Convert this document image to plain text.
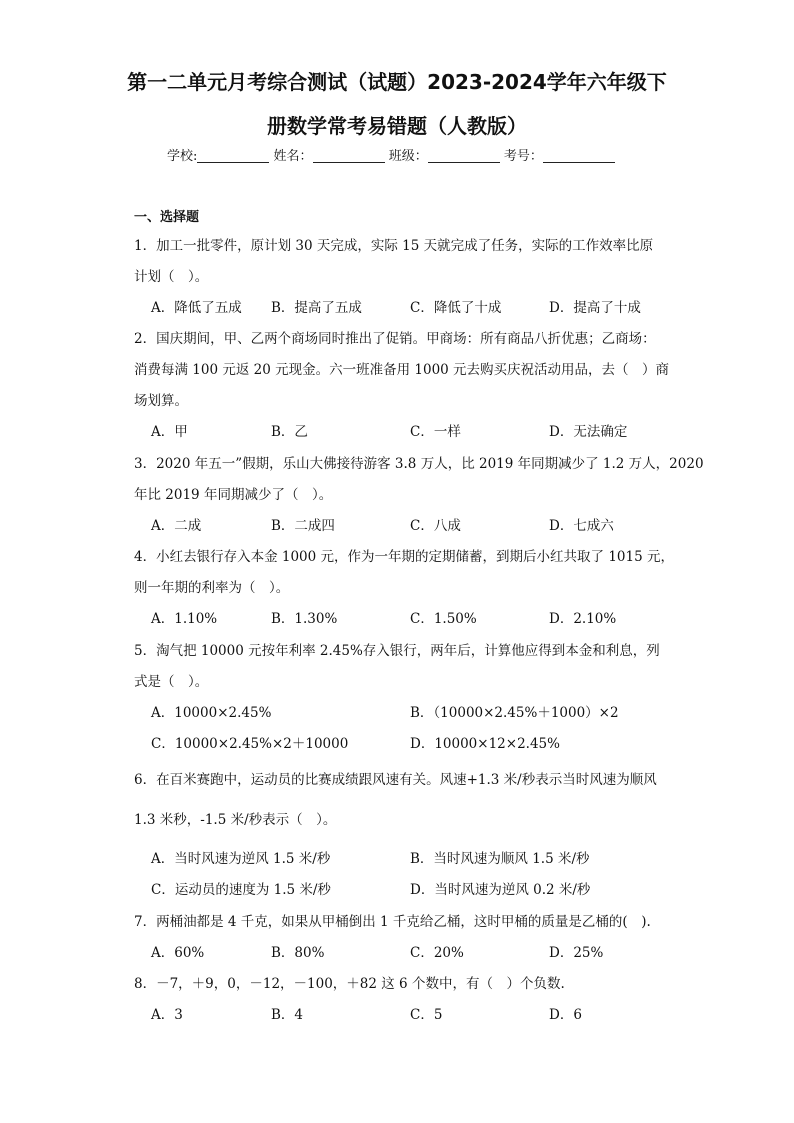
第一二单元月考综合测试（试题）2023-2024学年六年级下
册数学常考易错题（人教版）
学校:	姓名：	班级：	考号：
一、选择题
1．加工一批零件，原计划 30 天完成，实际 15 天就完成了任务，实际的工作效率比原
计划（　）。
A．降低了五成 B．提高了五成	C．降低了十成	D．提高了十成
2．国庆期间，甲、乙两个商场同时推出了促销。甲商场：所有商品八折优惠；乙商场：
消费每满 100 元返 20 元现金。六一班准备用 1000 元去购买庆祝活动用品，去（　）商
场划算。
A．甲	B．乙	C．一样	D．无法确定
3．2020 年五一”假期，乐山大佛接待游客 3.8 万人，比 2019 年同期减少了 1.2 万人，2020
年比 2019 年同期减少了（　）。
A．二成	B．二成四	C．八成	D．七成六
4．小红去银行存入本金 1000 元，作为一年期的定期储蓄，到期后小红共取了 1015 元，
则一年期的利率为（　）。
A．1.10%	B．1.30%	C．1.50%	D．2.10%
5．淘气把 10000 元按年利率 2.45%存入银行，两年后，计算他应得到本金和利息，列
式是（　）。
A．10000×2.45%	B．（10000×2.45%＋1000）×2
C．10000×2.45%×2＋10000	D．10000×12×2.45%
6．在百米赛跑中，运动员的比赛成绩跟风速有关。风速+1.3 米/秒表示当时风速为顺风
1.3 米秒，-1.5 米/秒表示（　）。
A．当时风速为逆风 1.5 米/秒	B．当时风速为顺风 1.5 米/秒
C．运动员的速度为 1.5 米/秒	D．当时风速为逆风 0.2 米/秒
7．两桶油都是 4 千克，如果从甲桶倒出 1 千克给乙桶，这时甲桶的质量是乙桶的(　).
A．60%	B．80%	C．20%	D．25%
8．－7，＋9，0，－12，－100，＋82 这 6 个数中，有（　）个负数.
A．3	B．4	C．5	D．6
